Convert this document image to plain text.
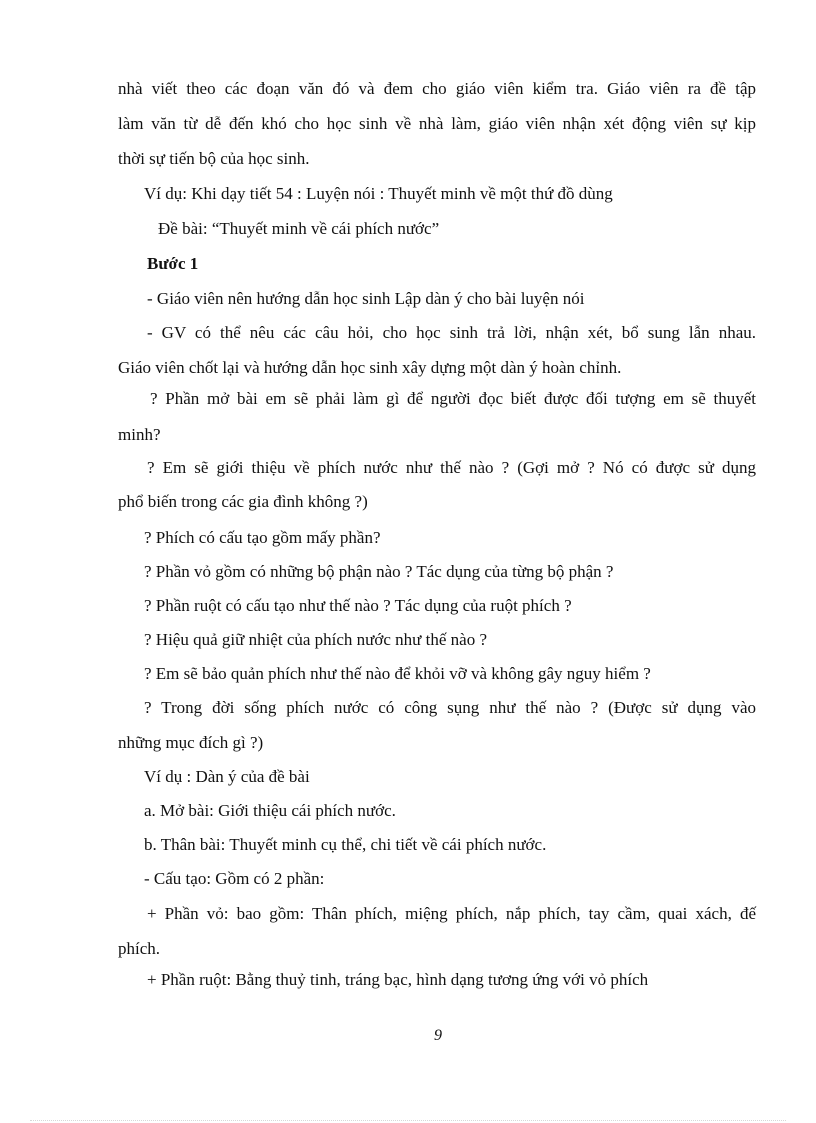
nhà viết theo các đoạn văn đó và đem cho giáo viên kiểm tra. Giáo viên ra đề tập
làm văn từ dễ đến khó cho học sinh về nhà làm, giáo viên nhận xét động viên sự kịp
thời sự tiến bộ của học sinh.
Ví dụ: Khi dạy tiết 54 : Luyện nói : Thuyết minh về một thứ đồ dùng
Đề bài: “Thuyết minh về cái phích nước”
Bước 1
- Giáo viên nên hướng dẫn học sinh Lập dàn ý cho bài luyện nói
- GV có thể nêu các câu hỏi, cho học sinh trả lời, nhận xét, bổ sung lẫn nhau.
Giáo viên chốt lại và hướng dẫn học sinh xây dựng một dàn ý hoàn chỉnh.
? Phần mở bài em sẽ phải làm gì để người đọc biết được đối tượng em sẽ thuyết
minh?
? Em sẽ giới thiệu về phích nước như thế nào ? (Gợi mở ? Nó có được sử dụng
phổ biến trong các gia đình không ?)
? Phích có cấu tạo gồm mấy phần?
? Phần vỏ gồm có những bộ phận nào ? Tác dụng của từng bộ phận ?
? Phần ruột có cấu tạo như thế nào ? Tác dụng của ruột phích ?
? Hiệu quả giữ nhiệt của phích nước như thế nào ?
? Em sẽ bảo quản phích như thế nào để khỏi vỡ và không gây nguy hiểm ?
? Trong đời sống phích nước có công sụng như thế nào ? (Được sử dụng vào
những mục đích gì ?)
Ví dụ : Dàn ý của đề bài
a. Mở bài: Giới thiệu cái phích nước.
b. Thân bài: Thuyết minh cụ thể, chi tiết về cái phích nước.
- Cấu tạo: Gồm có 2 phần:
+ Phần vỏ: bao gồm: Thân phích, miệng phích, nắp phích, tay cầm, quai xách, đế
phích.
+ Phần ruột: Bằng thuỷ tinh, tráng bạc, hình dạng tương ứng với vỏ phích
9
